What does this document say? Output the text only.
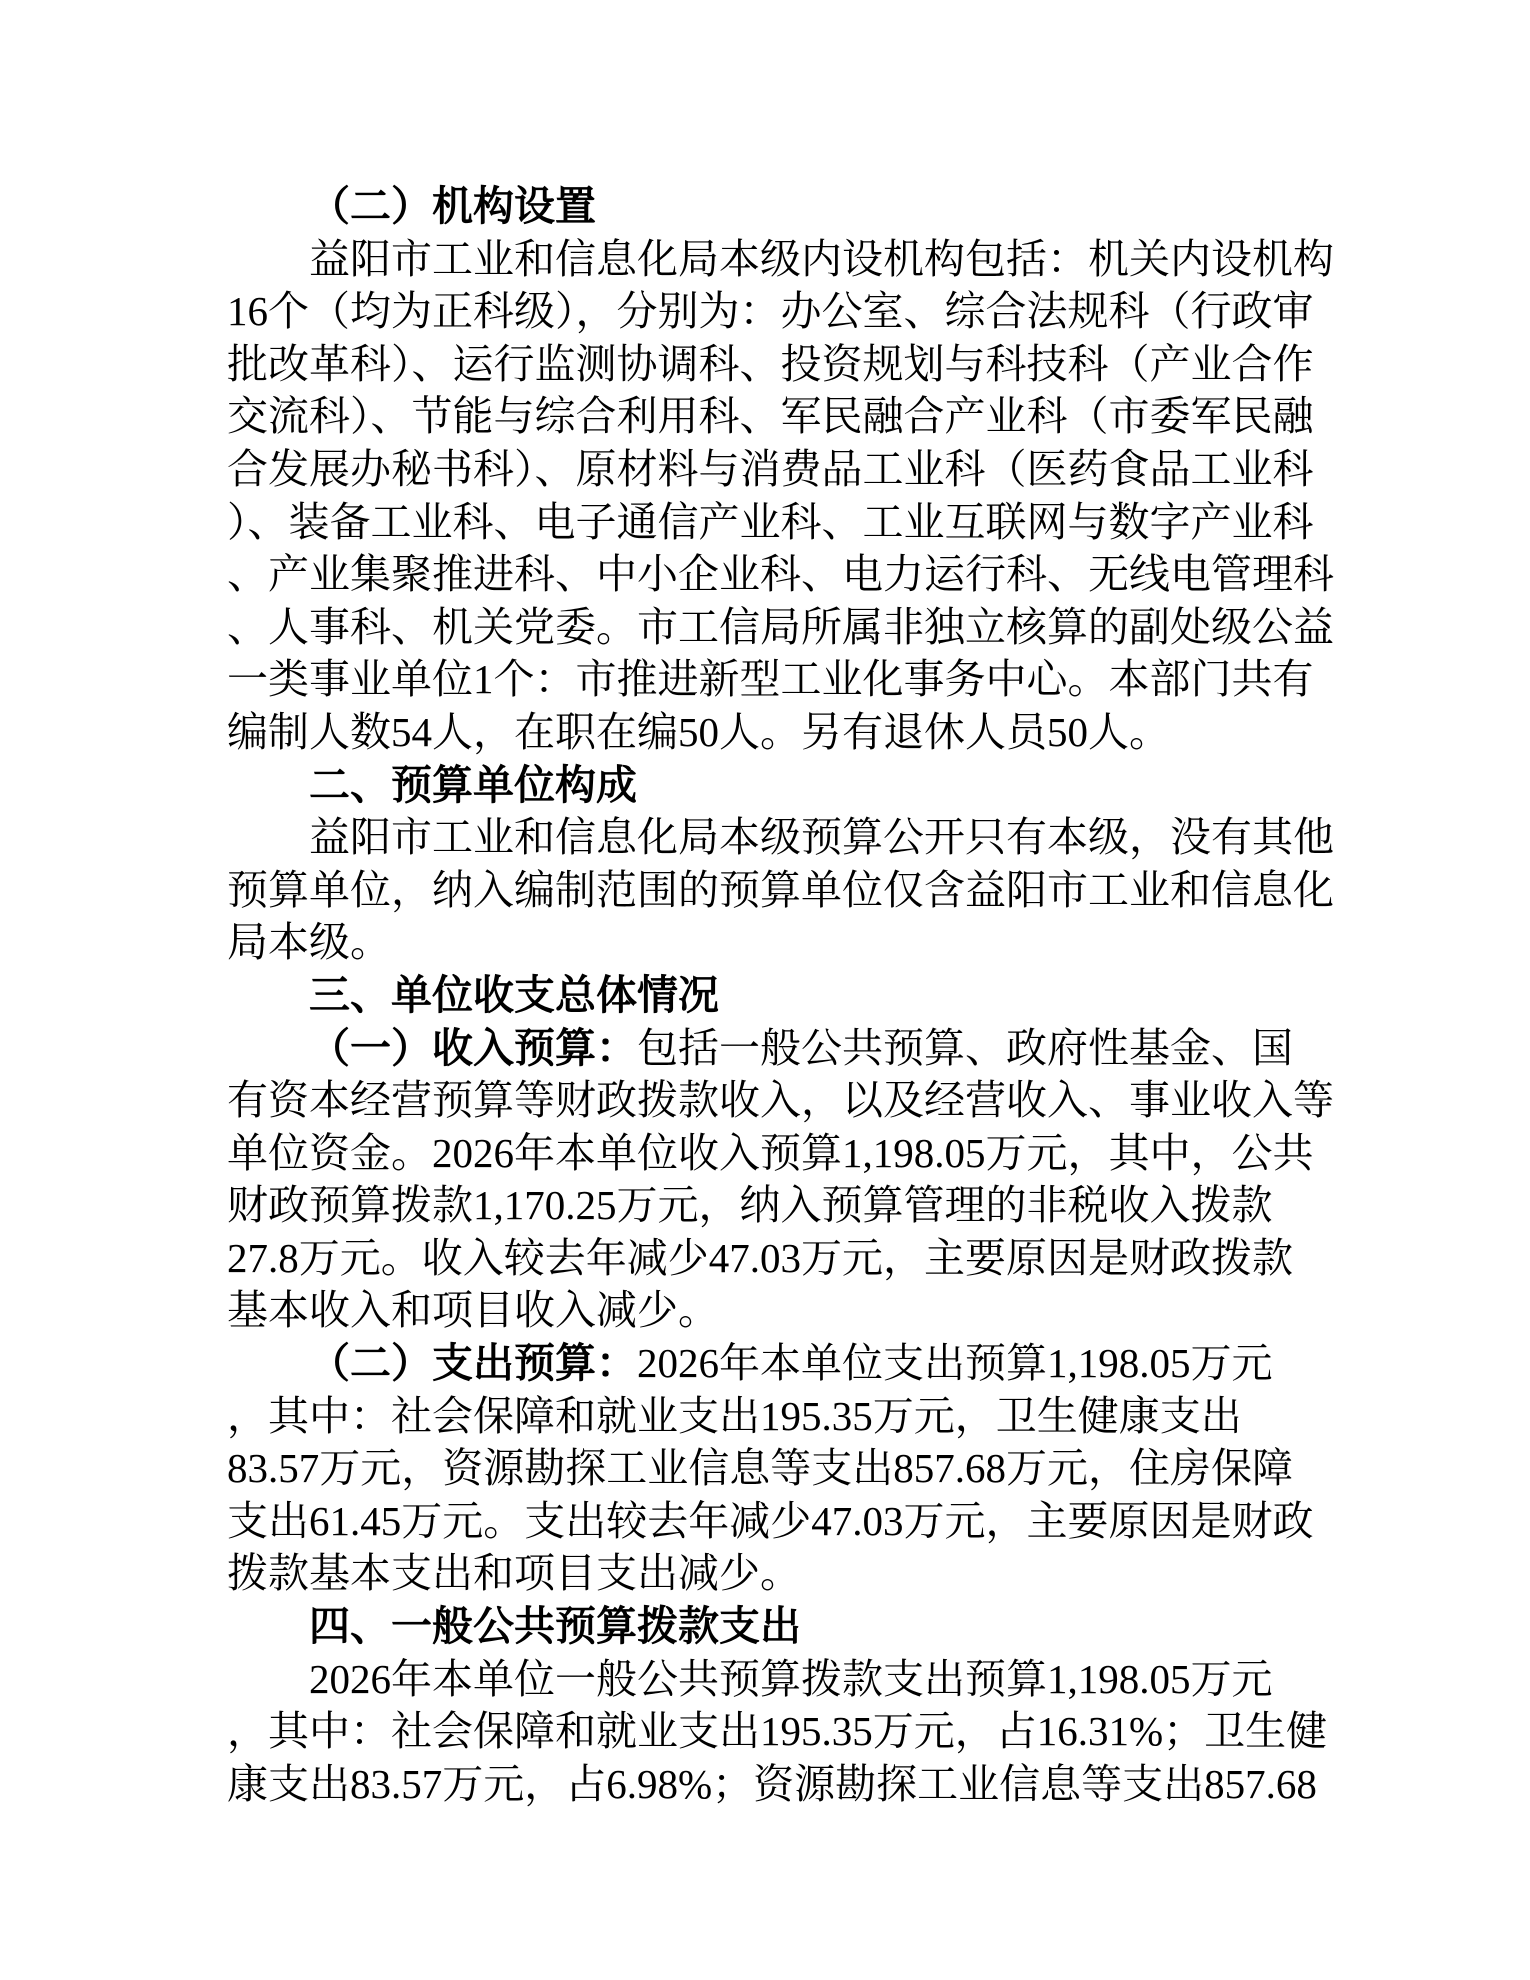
（二）机构设置
益阳市工业和信息化局本级内设机构包括：机关内设机构
16个（均为正科级），分别为：办公室、综合法规科（行政审
批改革科）、运行监测协调科、投资规划与科技科（产业合作
交流科）、节能与综合利用科、军民融合产业科（市委军民融
合发展办秘书科）、原材料与消费品工业科（医药食品工业科
）、装备工业科、电子通信产业科、工业互联网与数字产业科
、产业集聚推进科、中小企业科、电力运行科、无线电管理科
、人事科、机关党委。市工信局所属非独立核算的副处级公益
一类事业单位1个：市推进新型工业化事务中心。本部门共有
编制人数54人，在职在编50人。另有退休人员50人。
二、预算单位构成
益阳市工业和信息化局本级预算公开只有本级，没有其他
预算单位，纳入编制范围的预算单位仅含益阳市工业和信息化
局本级。
三、单位收支总体情况
（一）收入预算：包括一般公共预算、政府性基金、国
有资本经营预算等财政拨款收入，以及经营收入、事业收入等
单位资金。2026年本单位收入预算1,198.05万元，其中，公共
财政预算拨款1,170.25万元，纳入预算管理的非税收入拨款
27.8万元。收入较去年减少47.03万元，主要原因是财政拨款
基本收入和项目收入减少。
（二）支出预算：2026年本单位支出预算1,198.05万元
，其中：社会保障和就业支出195.35万元，卫生健康支出
83.57万元，资源勘探工业信息等支出857.68万元，住房保障
支出61.45万元。支出较去年减少47.03万元，主要原因是财政
拨款基本支出和项目支出减少。
四、一般公共预算拨款支出
2026年本单位一般公共预算拨款支出预算1,198.05万元
，其中：社会保障和就业支出195.35万元，占16.31%；卫生健
康支出83.57万元，占6.98%；资源勘探工业信息等支出857.68
